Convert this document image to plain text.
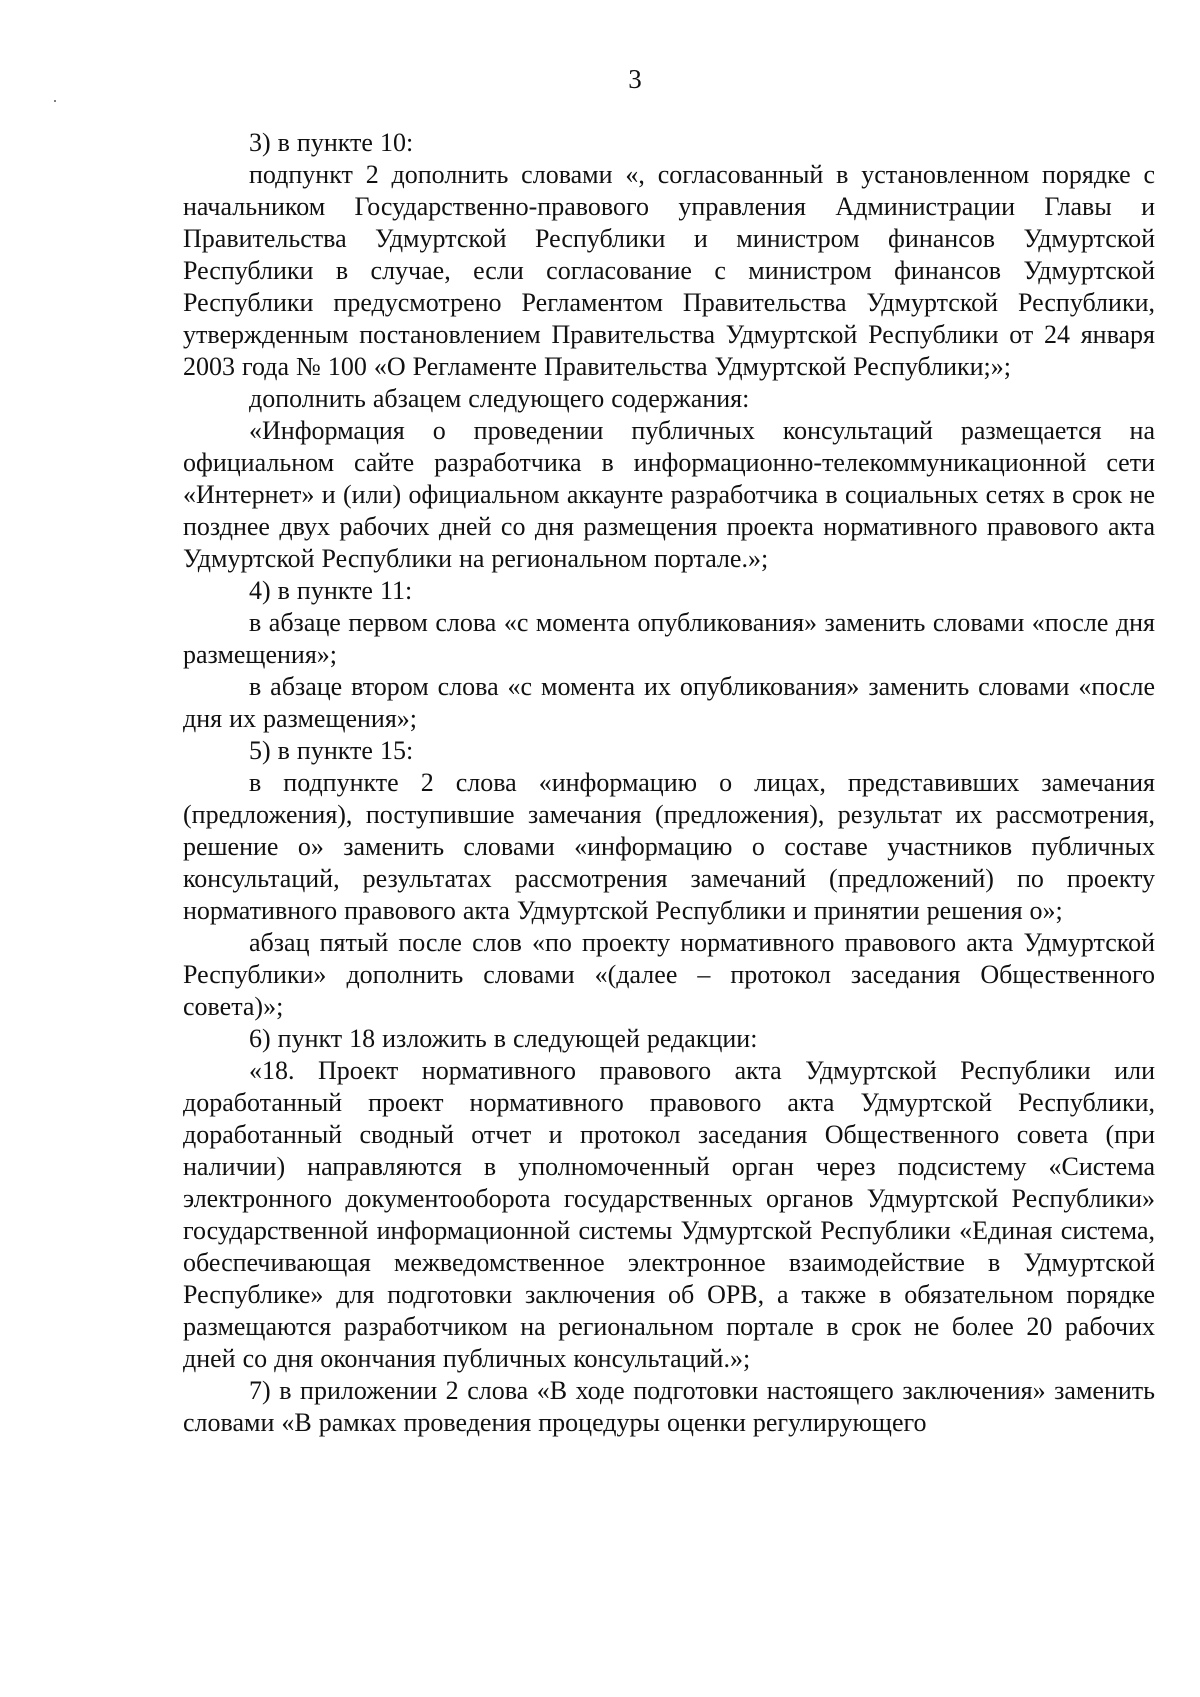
3

3) в пункте 10:

подпункт 2 дополнить словами «, согласованный в установленном порядке с начальником Государственно-правового управления Администрации Главы и Правительства Удмуртской Республики и министром финансов Удмуртской Республики в случае, если согласование с министром финансов Удмуртской Республики предусмотрено Регламентом Правительства Удмуртской Республики, утвержденным постановлением Правительства Удмуртской Республики от 24 января 2003 года № 100 «О Регламенте Правительства Удмуртской Республики;»;

дополнить абзацем следующего содержания:

«Информация о проведении публичных консультаций размещается на официальном сайте разработчика в информационно-телекоммуникационной сети «Интернет» и (или) официальном аккаунте разработчика в социальных сетях в срок не позднее двух рабочих дней со дня размещения проекта нормативного правового акта Удмуртской Республики на региональном портале.»;

4) в пункте 11:

в абзаце первом слова «с момента опубликования» заменить словами «после дня размещения»;

в абзаце втором слова «с момента их опубликования» заменить словами «после дня их размещения»;

5) в пункте 15:

в подпункте 2 слова «информацию о лицах, представивших замечания (предложения), поступившие замечания (предложения), результат их рассмотрения, решение о» заменить словами «информацию о составе участников публичных консультаций, результатах рассмотрения замечаний (предложений) по проекту нормативного правового акта Удмуртской Республики и принятии решения о»;

абзац пятый после слов «по проекту нормативного правового акта Удмуртской Республики» дополнить словами «(далее – протокол заседания Общественного совета)»;

6) пункт 18 изложить в следующей редакции:

«18. Проект нормативного правового акта Удмуртской Республики или доработанный проект нормативного правового акта Удмуртской Республики, доработанный сводный отчет и протокол заседания Общественного совета (при наличии) направляются в уполномоченный орган через подсистему «Система электронного документооборота государственных органов Удмуртской Республики» государственной информационной системы Удмуртской Республики «Единая система, обеспечивающая межведомственное электронное взаимодействие в Удмуртской Республике» для подготовки заключения об ОРВ, а также в обязательном порядке размещаются разработчиком на региональном портале в срок не более 20 рабочих дней со дня окончания публичных консультаций.»;

7) в приложении 2 слова «В ходе подготовки настоящего заключения» заменить словами «В рамках проведения процедуры оценки регулирующего
